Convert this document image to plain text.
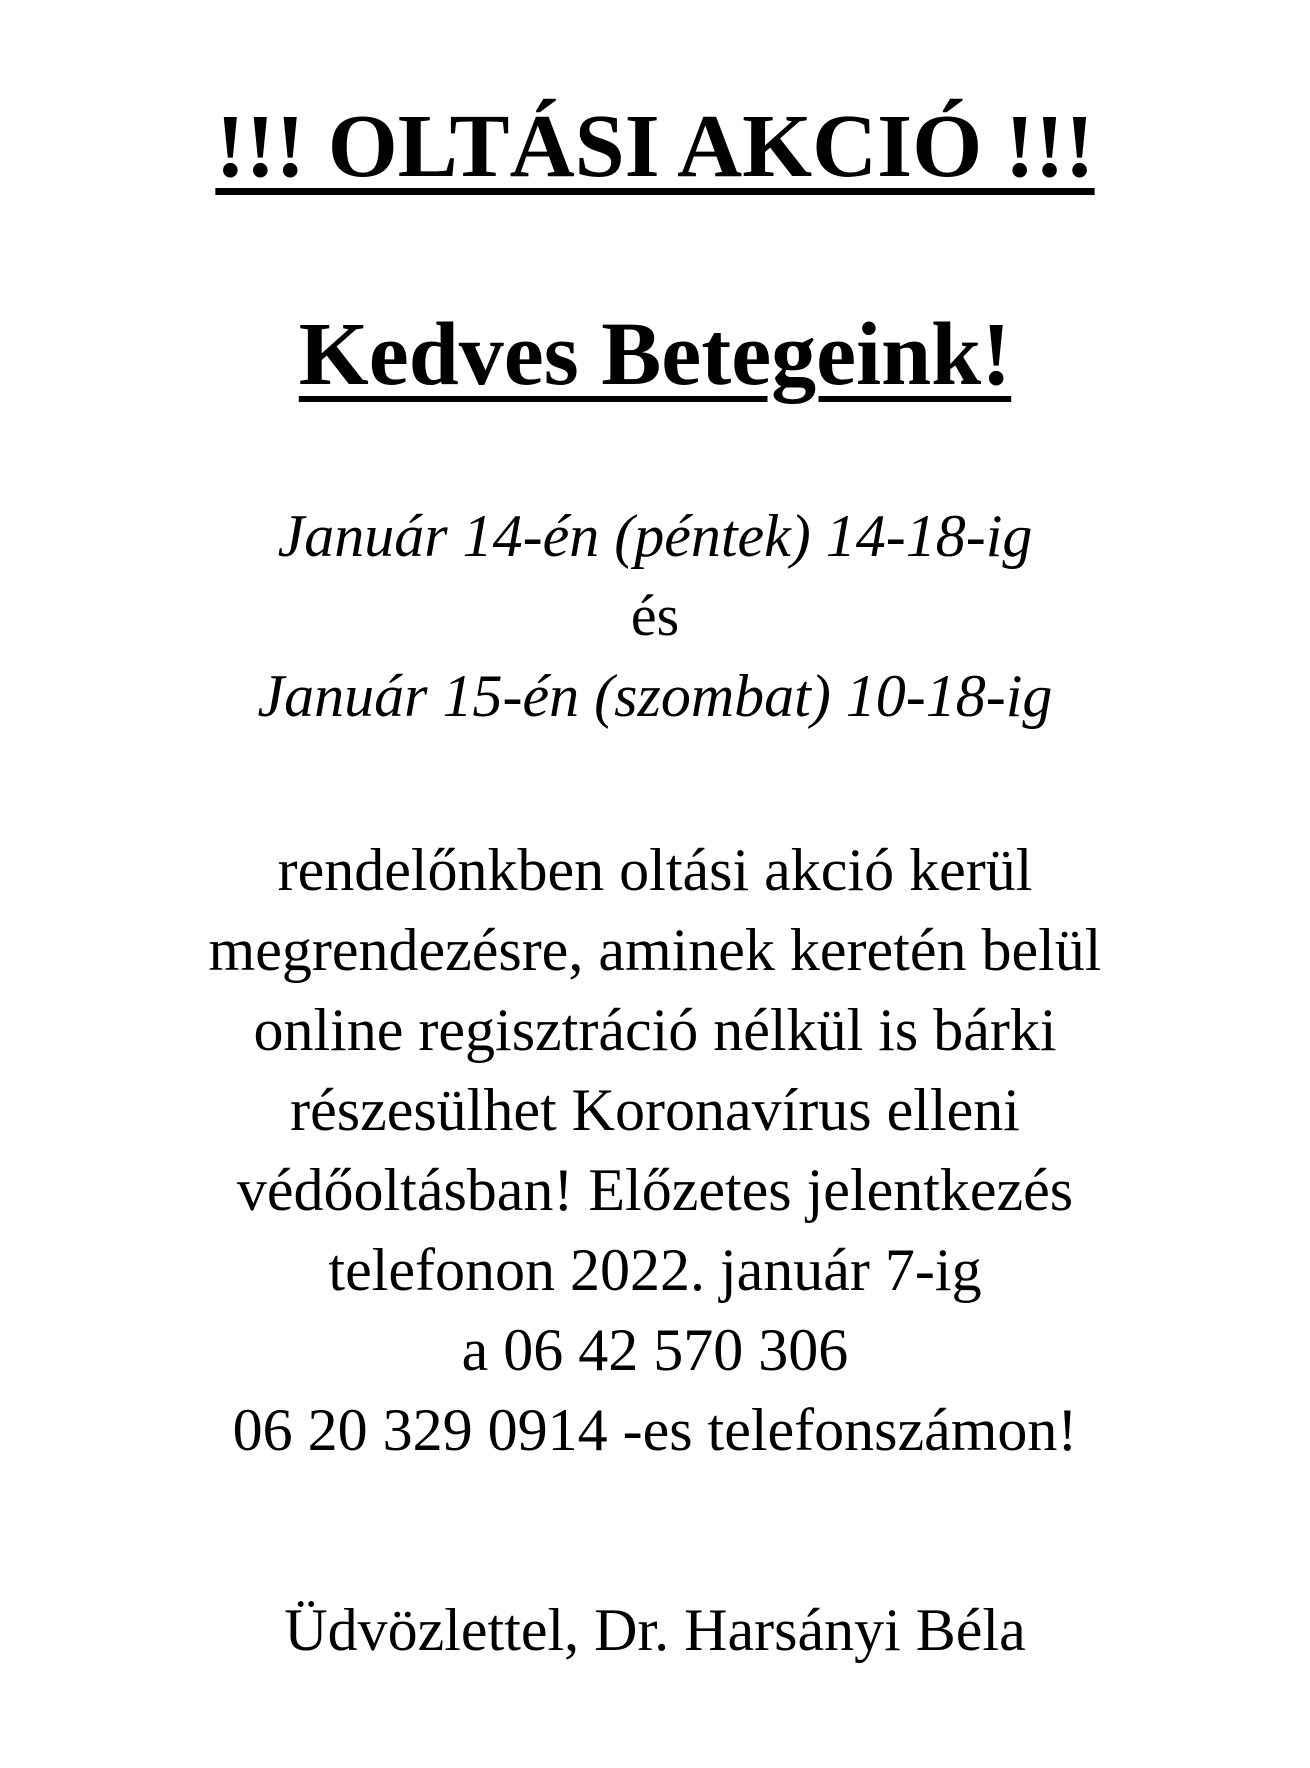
!!! OLTÁSI AKCIÓ !!!
Kedves Betegeink!
Január 14-én (péntek) 14-18-ig
és
Január 15-én (szombat) 10-18-ig
rendelőnkben oltási akció kerül
megrendezésre, aminek keretén belül
online regisztráció nélkül is bárki
részesülhet Koronavírus elleni
védőoltásban! Előzetes jelentkezés
telefonon 2022. január 7-ig
a 06 42 570 306
06 20 329 0914 -es telefonszámon!
Üdvözlettel, Dr. Harsányi Béla
